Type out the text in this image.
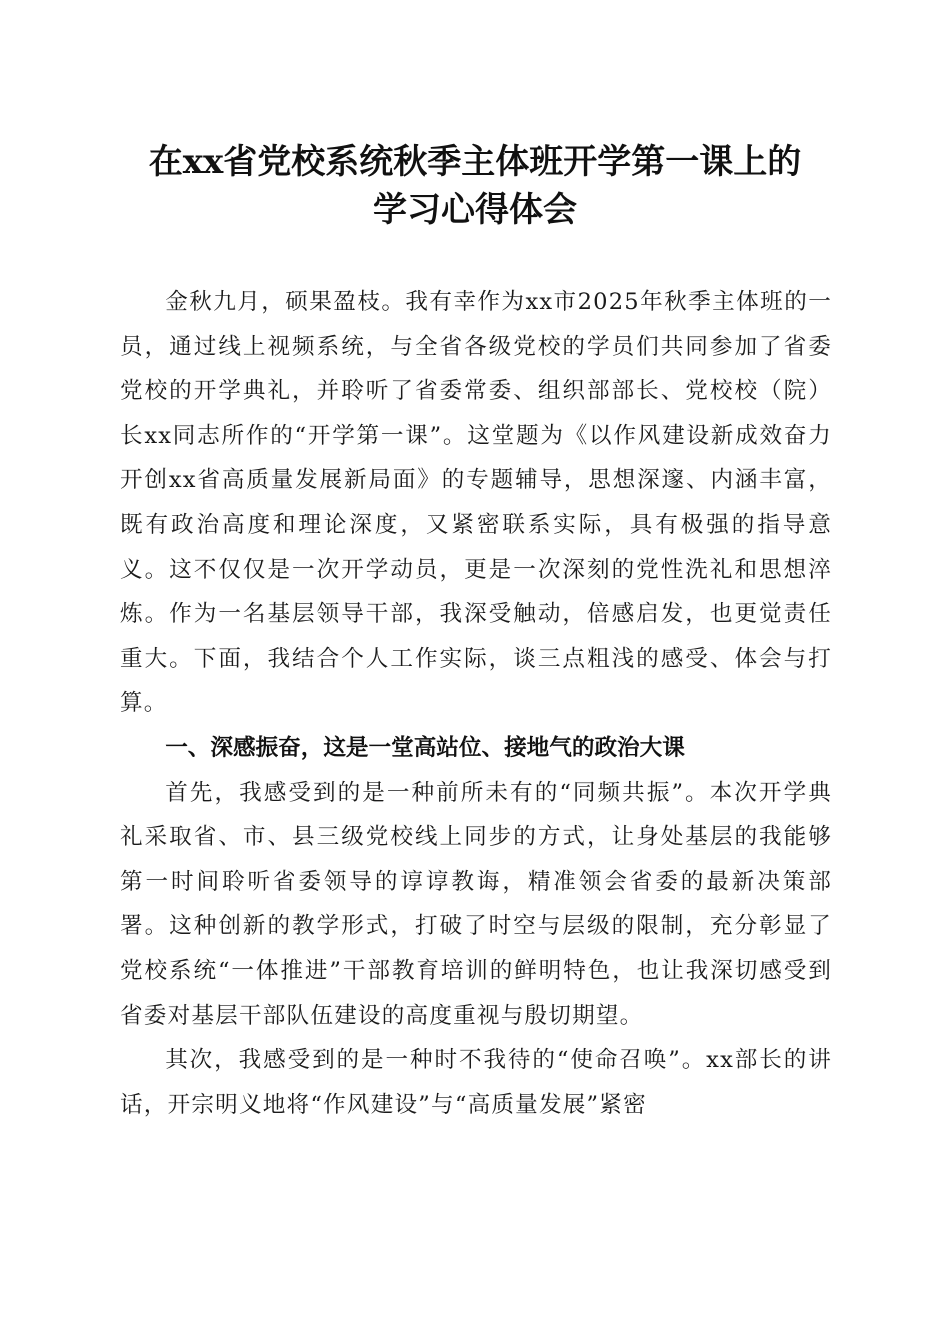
在xx省党校系统秋季主体班开学第一课上的
学习心得体会

金秋九月，硕果盈枝。我有幸作为xx市2025年秋季主体班的一员，通过线上视频系统，与全省各级党校的学员们共同参加了省委党校的开学典礼，并聆听了省委常委、组织部部长、党校校（院）长xx同志所作的“开学第一课”。这堂题为《以作风建设新成效奋力开创xx省高质量发展新局面》的专题辅导，思想深邃、内涵丰富，既有政治高度和理论深度，又紧密联系实际，具有极强的指导意义。这不仅仅是一次开学动员，更是一次深刻的党性洗礼和思想淬炼。作为一名基层领导干部，我深受触动，倍感启发，也更觉责任重大。下面，我结合个人工作实际，谈三点粗浅的感受、体会与打算。

一、深感振奋，这是一堂高站位、接地气的政治大课

首先，我感受到的是一种前所未有的“同频共振”。本次开学典礼采取省、市、县三级党校线上同步的方式，让身处基层的我能够第一时间聆听省委领导的谆谆教诲，精准领会省委的最新决策部署。这种创新的教学形式，打破了时空与层级的限制，充分彰显了党校系统“一体推进”干部教育培训的鲜明特色，也让我深切感受到省委对基层干部队伍建设的高度重视与殷切期望。

其次，我感受到的是一种时不我待的“使命召唤”。xx部长的讲话，开宗明义地将“作风建设”与“高质量发展”紧密
